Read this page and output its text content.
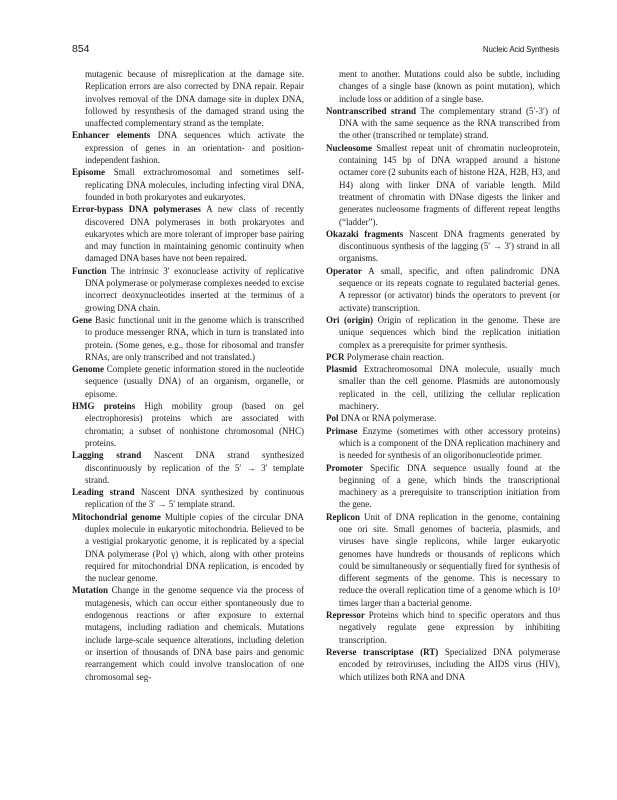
854	Nucleic Acid Synthesis

mutagenic because of misreplication at the damage site. Replication errors are also corrected by DNA repair. Repair involves removal of the DNA damage site in duplex DNA, followed by resynthesis of the damaged strand using the unaffected complementary strand as the template.

Enhancer elements DNA sequences which activate the expression of genes in an orientation- and position-independent fashion.

Episome Small extrachromosomal and sometimes self-replicating DNA molecules, including infecting viral DNA, founded in both prokaryotes and eukaryotes.

Error-bypass DNA polymerases A new class of recently discovered DNA polymerases in both prokaryotes and eukaryotes which are more tolerant of improper base pairing and may function in maintaining genomic continuity when damaged DNA bases have not been repaired.

Function The intrinsic 3′ exonuclease activity of replicative DNA polymerase or polymerase complexes needed to excise incorrect deoxynucleotides inserted at the terminus of a growing DNA chain.

Gene Basic functional unit in the genome which is transcribed to produce messenger RNA, which in turn is translated into protein. (Some genes, e.g., those for ribosomal and transfer RNAs, are only transcribed and not translated.)

Genome Complete genetic information stored in the nucleotide sequence (usually DNA) of an organism, organelle, or episome.

HMG proteins High mobility group (based on gel electrophoresis) proteins which are associated with chromatin; a subset of nonhistone chromosomal (NHC) proteins.

Lagging strand Nascent DNA strand synthesized discontinuously by replication of the 5′ → 3′ template strand.

Leading strand Nascent DNA synthesized by continuous replication of the 3′ → 5′ template strand.

Mitochondrial genome Multiple copies of the circular DNA duplex molecule in eukaryotic mitochondria. Believed to be a vestigial prokaryotic genome, it is replicated by a special DNA polymerase (Pol γ) which, along with other proteins required for mitochondrial DNA replication, is encoded by the nuclear genome.

Mutation Change in the genome sequence via the process of mutagenesis, which can occur either spontaneously due to endogenous reactions or after exposure to external mutagens, including radiation and chemicals. Mutations include large-scale sequence alterations, including deletion or insertion of thousands of DNA base pairs and genomic rearrangement which could involve translocation of one chromosomal seg-

ment to another. Mutations could also be subtle, including changes of a single base (known as point mutation), which include loss or addition of a single base.

Nontranscribed strand The complementary strand (5′-3′) of DNA with the same sequence as the RNA transcribed from the other (transcribed or template) strand.

Nucleosome Smallest repeat unit of chromatin nucleoprotein, containing 145 bp of DNA wrapped around a histone octamer core (2 subunits each of histone H2A, H2B, H3, and H4) along with linker DNA of variable length. Mild treatment of chromatin with DNase digests the linker and generates nucleosome fragments of different repeat lengths (“ladder”).

Okazaki fragments Nascent DNA fragments generated by discontinuous synthesis of the lagging (5′ → 3′) strand in all organisms.

Operator A small, specific, and often palindromic DNA sequence or its repeats cognate to regulated bacterial genes. A repressor (or activator) binds the operators to prevent (or activate) transcription.

Ori (origin) Origin of replication in the genome. These are unique sequences which bind the replication initiation complex as a prerequisite for primer synthesis.

PCR Polymerase chain reaction.

Plasmid Extrachromosomal DNA molecule, usually much smaller than the cell genome. Plasmids are autonomously replicated in the cell, utilizing the cellular replication machinery.

Pol DNA or RNA polymerase.

Primase Enzyme (sometimes with other accessory proteins) which is a component of the DNA replication machinery and is needed for synthesis of an oligoribonucleotide primer.

Promoter Specific DNA sequence usually found at the beginning of a gene, which binds the transcriptional machinery as a prerequisite to transcription initiation from the gene.

Replicon Unit of DNA replication in the genome, containing one ori site. Small genomes of bacteria, plasmids, and viruses have single replicons, while larger eukaryotic genomes have hundreds or thousands of replicons which could be simultaneously or sequentially fired for synthesis of different segments of the genome. This is necessary to reduce the overall replication time of a genome which is 10³ times larger than a bacterial genome.

Repressor Proteins which bind to specific operators and thus negatively regulate gene expression by inhibiting transcription.

Reverse transcriptase (RT) Specialized DNA polymerase encoded by retroviruses, including the AIDS virus (HIV), which utilizes both RNA and DNA
